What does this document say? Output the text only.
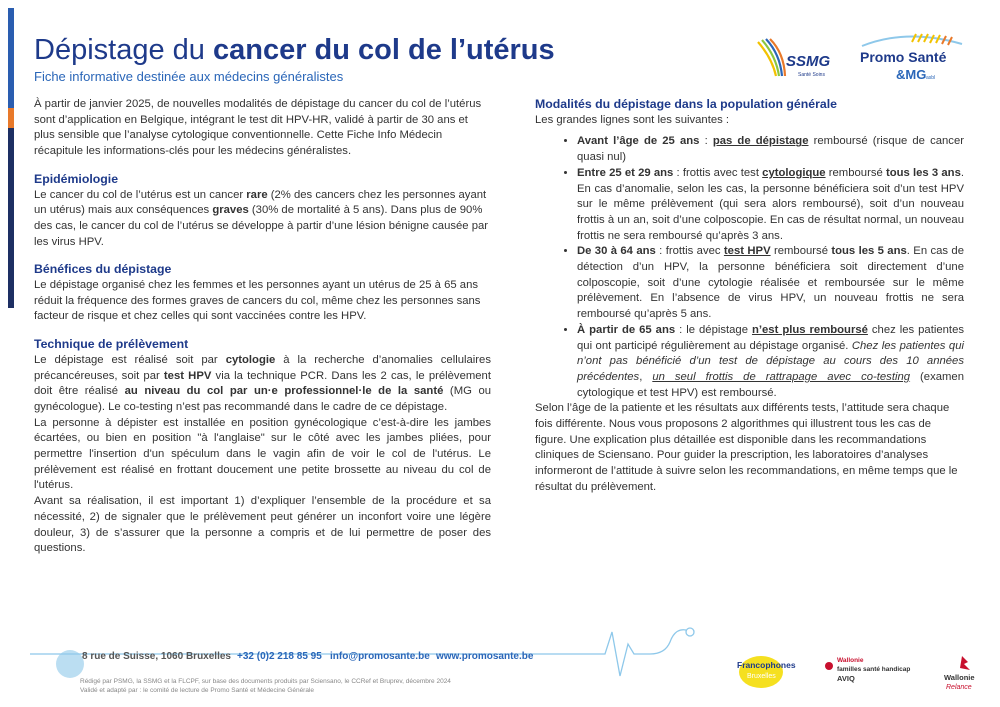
Dépistage du cancer du col de l’utérus
Fiche informative destinée aux médecins généralistes
SSMG
Santé Soins
Promo Santé
&MG asbl

À partir de janvier 2025, de nouvelles modalités de dépistage du cancer du col de l’utérus sont d’application en Belgique, intégrant le test dit HPV-HR, validé à partir de 30 ans et plus sensible que l’analyse cytologique conventionnelle. Cette Fiche Info Médecin récapitule les informations-clés pour les médecins généralistes.

Epidémiologie

Le cancer du col de l’utérus est un cancer rare (2% des cancers chez les personnes ayant un utérus) mais aux conséquences graves (30% de mortalité à 5 ans). Dans plus de 90% des cas, le cancer du col de l’utérus se développe à partir d’une lésion bénigne causée par les virus HPV.

Bénéfices du dépistage

Le dépistage organisé chez les femmes et les personnes ayant un utérus de 25 à 65 ans réduit la fréquence des formes graves de cancers du col, même chez les personnes sans facteur de risque et chez celles qui sont vaccinées contre les HPV.

Technique de prélèvement

Le dépistage est réalisé soit par cytologie à la recherche d’anomalies cellulaires précancéreuses, soit par test HPV via la technique PCR. Dans les 2 cas, le prélèvement doit être réalisé au niveau du col par un·e professionnel·le de la santé (MG ou gynécologue). Le co-testing n’est pas recommandé dans le cadre de ce dépistage.

La personne à dépister est installée en position gynécologique c’est-à-dire les jambes écartées, ou bien en position "à l'anglaise" sur le côté avec les jambes pliées, pour permettre l'insertion d'un spéculum dans le vagin afin de voir le col de l'utérus. Le prélèvement est réalisé en frottant doucement une petite brossette au niveau du col de l'utérus.

Avant sa réalisation, il est important 1) d’expliquer l’ensemble de la procédure et sa nécessité, 2) de signaler que le prélèvement peut générer un inconfort voire une légère douleur, 3) de s’assurer que la personne a compris et de lui permettre de poser des questions.

Modalités du dépistage dans la population générale

Les grandes lignes sont les suivantes :

• Avant l’âge de 25 ans : pas de dépistage remboursé (risque de cancer quasi nul)
• Entre 25 et 29 ans : frottis avec test cytologique remboursé tous les 3 ans. En cas d’anomalie, selon les cas, la personne bénéficiera soit d’un test HPV sur le même prélèvement (qui sera alors remboursé), soit d’un nouveau frottis à un an, soit d’une colposcopie. En cas de résultat normal, un nouveau frottis ne sera remboursé qu’après 3 ans.
• De 30 à 64 ans : frottis avec test HPV remboursé tous les 5 ans. En cas de détection d’un HPV, la personne bénéficiera soit directement d’une colposcopie, soit d’une cytologie réalisée et remboursée sur le même prélèvement. En l’absence de virus HPV, un nouveau frottis ne sera remboursé qu’après 5 ans.
• À partir de 65 ans : le dépistage n’est plus remboursé chez les patientes qui ont participé régulièrement au dépistage organisé. Chez les patientes qui n’ont pas bénéficié d’un test de dépistage au cours des 10 années précédentes, un seul frottis de rattrapage avec co-testing (examen cytologique et test HPV) est remboursé.

Selon l’âge de la patiente et les résultats aux différents tests, l’attitude sera chaque fois différente. Nous vous proposons 2 algorithmes qui illustrent tous les cas de figure. Une explication plus détaillée est disponible dans les recommandations cliniques de Sciensano. Pour guider la prescription, les laboratoires d’analyses informeront de l’attitude à suivre selon les recommandations, en même temps que le résultat du prélèvement.

8 rue de Suisse, 1060 Bruxelles +32 (0)2 218 85 95 info@promosante.be www.promosante.be
Rédigé par PSMG, la SSMG et la FLCPF, sur base des documents produits par Sciensano, le CCRef et Bruprev, décembre 2024
Validé et adapté par : le comité de lecture de Promo Santé et Médecine Générale
Francophones
Bruxelles
Wallonie
familles santé handicap
AVIQ	Wallonie
Relance
